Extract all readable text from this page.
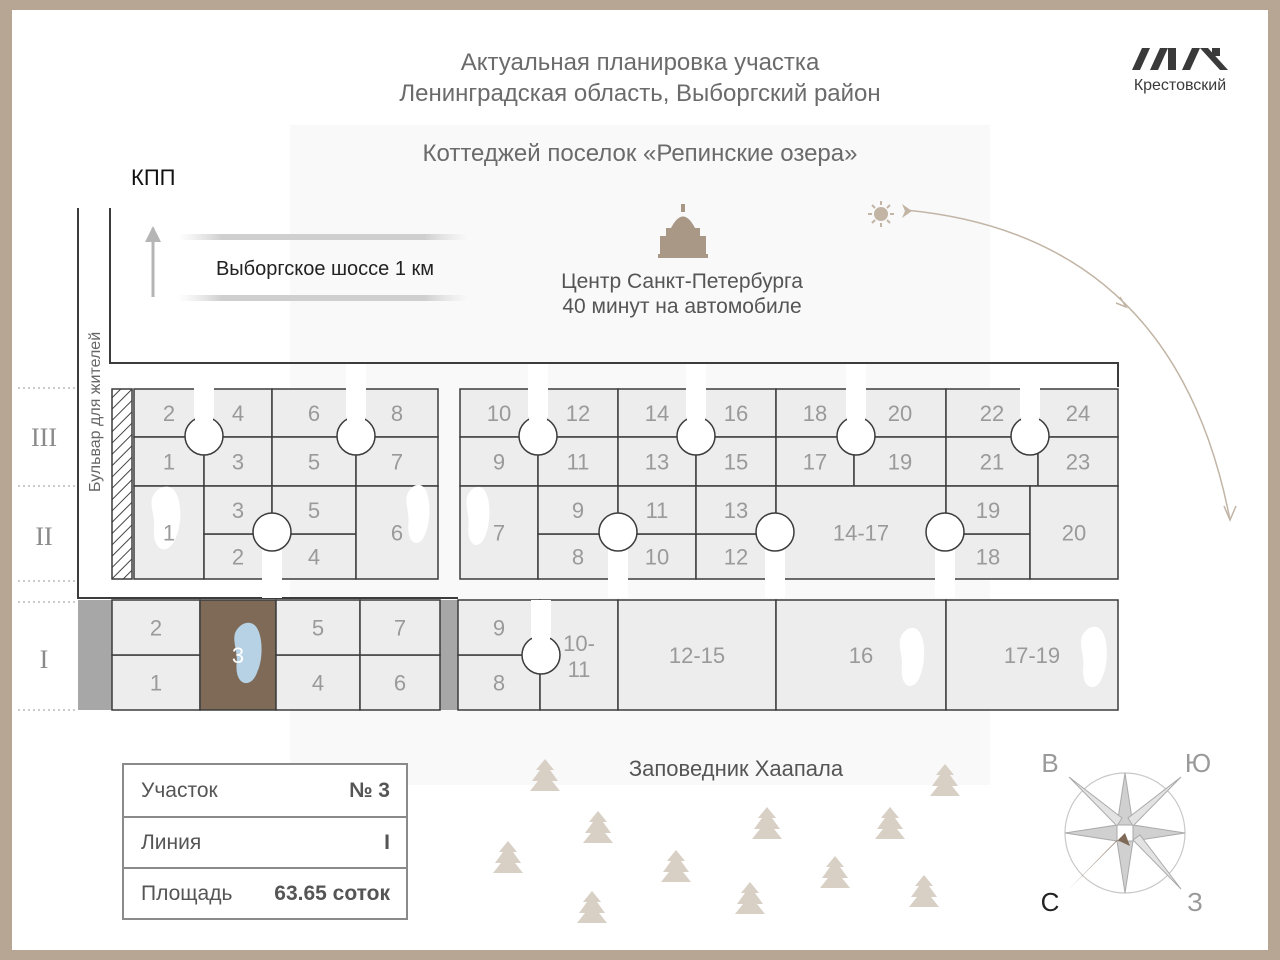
Актуальная планировка участка
Ленинградская область, Выборгский район
Коттеджей поселок «Репинские озера»
Крестовский
КПП
Бульвар для жителей
Выборгское шоссе 1 км
Центр Санкт-Петербурга
40 минут на автомобиле
III
II
I
2
1
4
3
6
5
8
7
10
9
12
11
14
13
16
15
18
17
20
19
22
21
24
23
1
2
3
4
5
6	7
8
9
10
11
12
13
14-17
18
19
20
1
2
3
4
5
6
7
8
9
10-11
12-15	16	17-19
Заповедник Хаапала	В	Ю
С	З
Участок	№ 3
Линия	I
Площадь 63.65 соток
